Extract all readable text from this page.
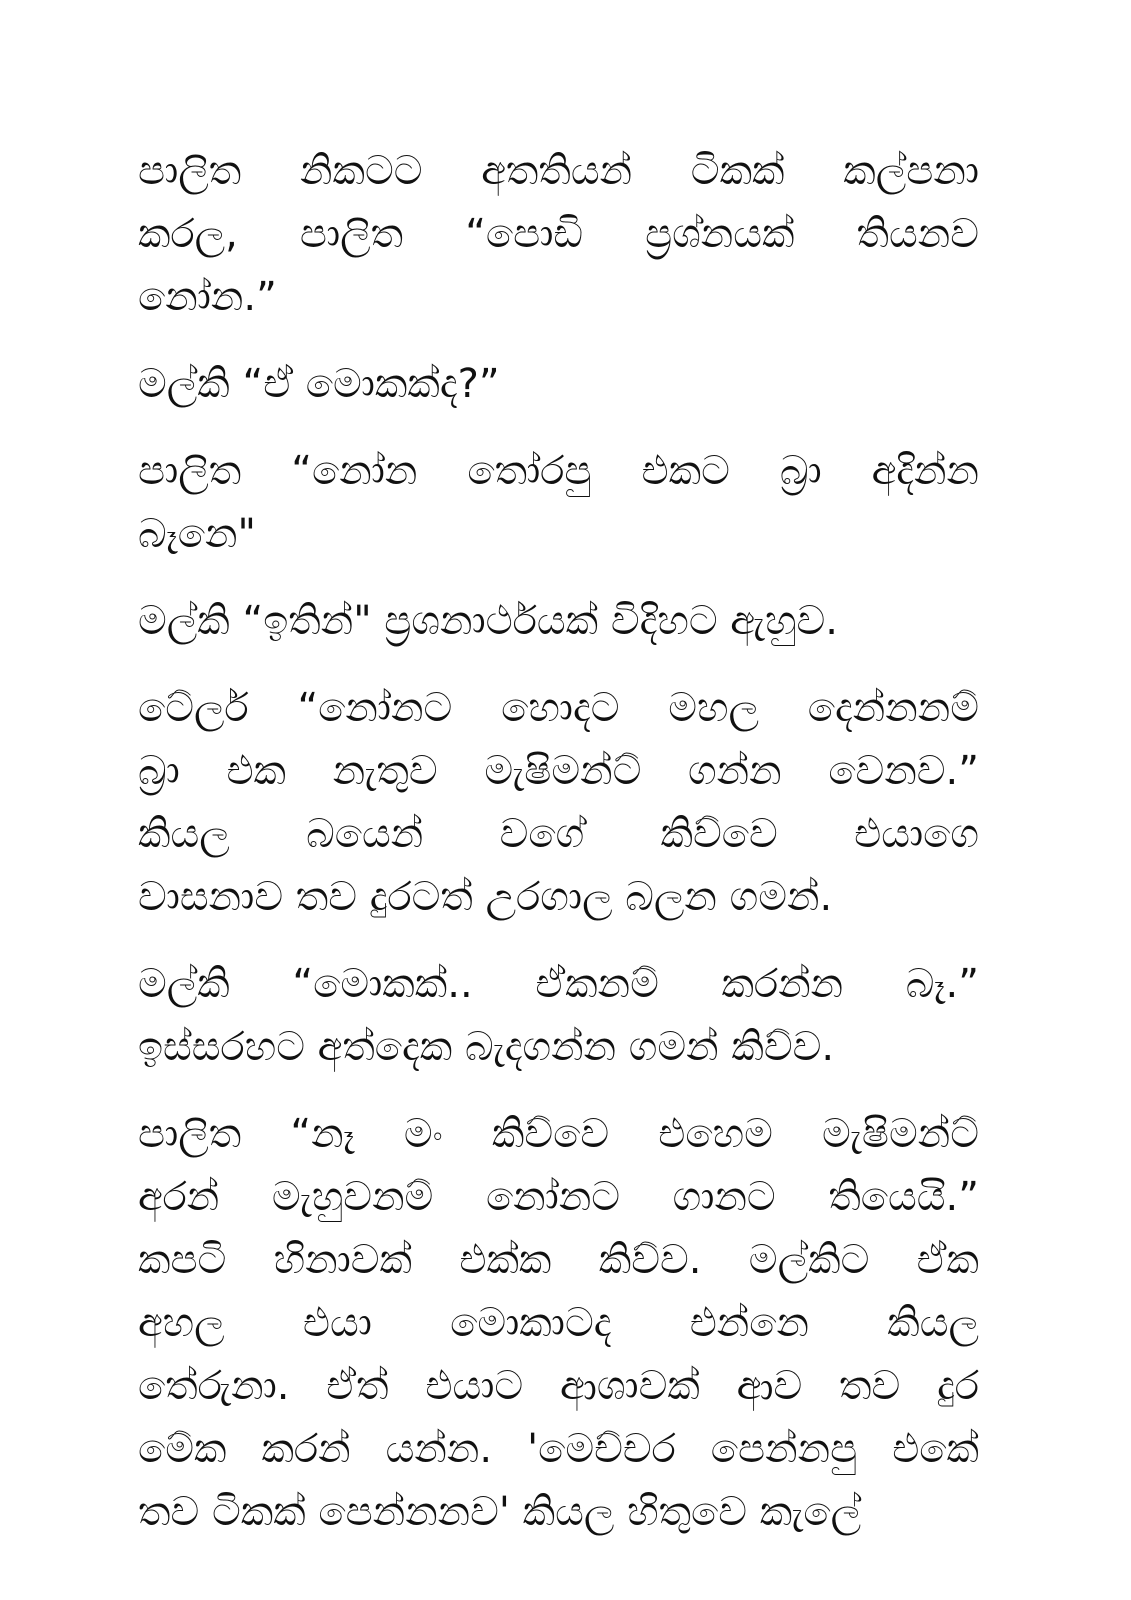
පාලිත නිකටට අතතියන් ටිකක් කල්පනා
කරල, පාලිත “පොඩි ප්‍රශ්නයක් තියනව
නෝන.”

මල්කි “ඒ මොකක්ද?”

පාලිත “නෝන තෝරපු එකට බ්‍රා අදින්න
බෑනෙ"

මල්කි “ඉතින්" ප්‍රශනාර්ථයක් විදිහට ඇහුව.

ටේලර් “නෝනට හොදට මහල දෙන්නනම්
බ්‍රා එක නැතුව මැෂිමන්ට් ගන්න වෙනව.”
කියල බයෙන් වගේ කිව්වෙ එයාගෙ
වාසනාව තව දුරටත් උරගාල බලන ගමන්.

මල්කි “මොකක්.. ඒකනම් කරන්න බෑ.”
ඉස්සරහට අත්දෙක බැදගන්න ගමන් කිව්ව.

පාලිත “නෑ මං කිව්වෙ එහෙම මැෂිමන්ට්
අරන් මැහුවනම් නෝනට ගානට තියෙයි.”
කපටි හිනාවක් එක්ක කිව්ව. මල්කිට ඒක
අහල එයා මොකාටද එන්නෙ කියල
තේරුනා. ඒත් එයාට ආශාවක් ආව තව දුර
මේක කරන් යන්න. 'මෙච්චර පෙන්නපු එකේ
තව ටිකක් පෙන්නනව' කියල හිතුවෙ කැලේ
